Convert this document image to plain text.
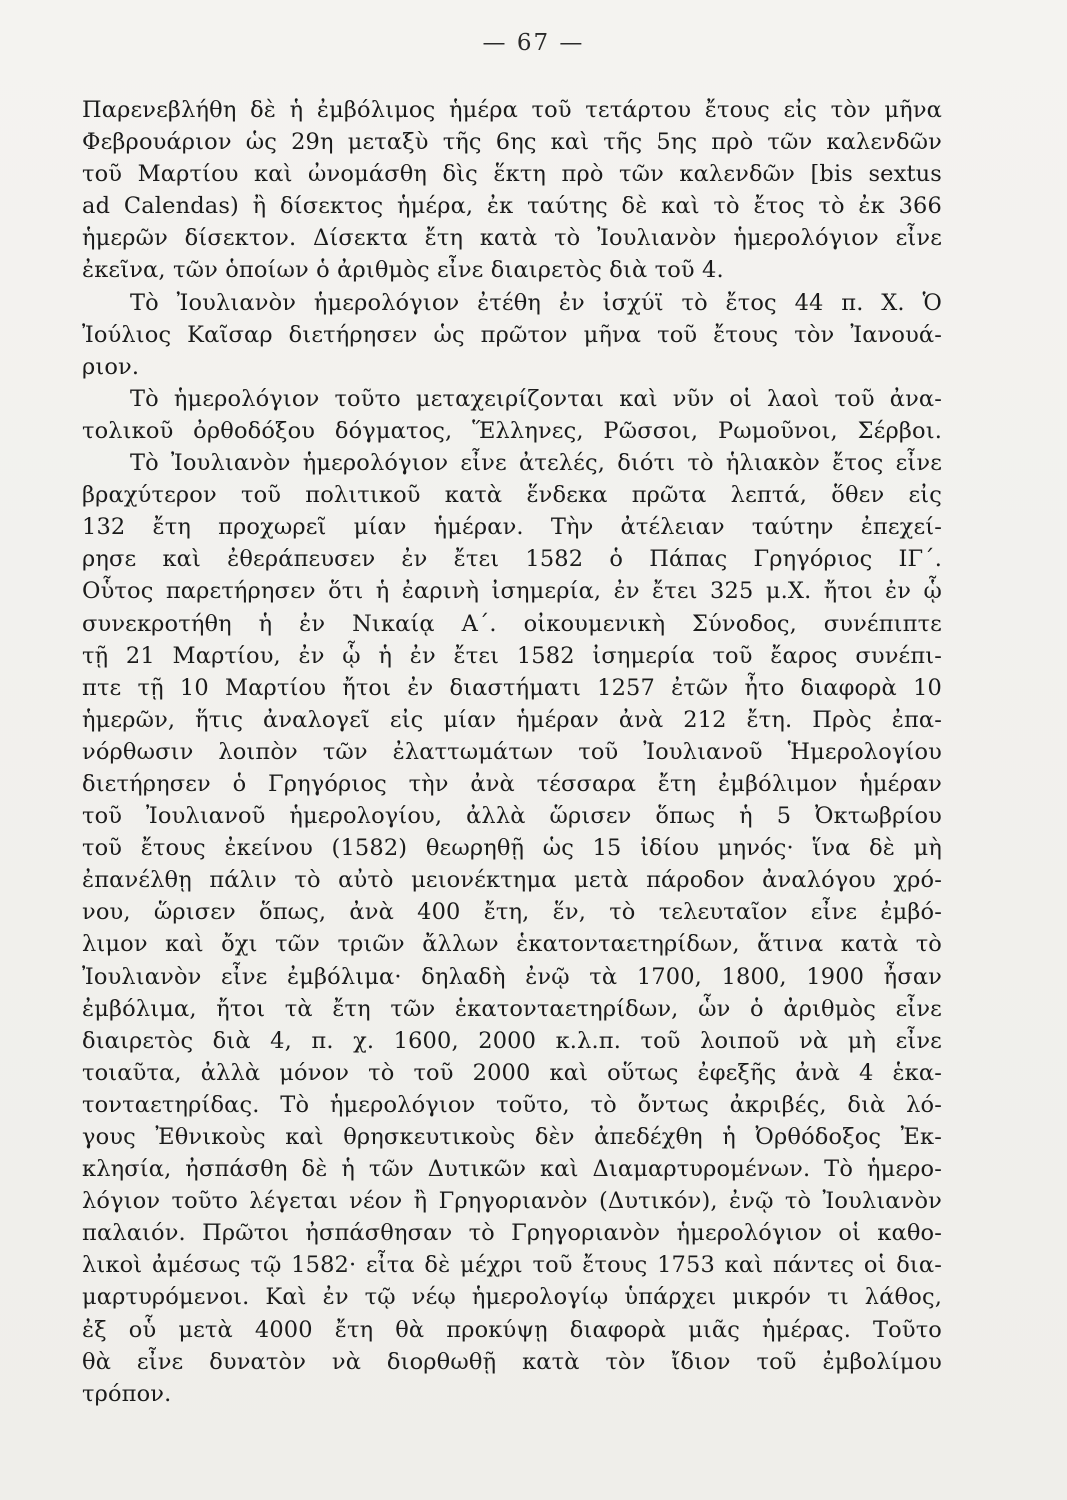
— 67 —
Παρενεβλήθη δὲ ἡ ἐμβόλιμος ἡμέρα τοῦ τετάρτου ἔτους εἰς τὸν μῆνα
Φεβρουάριον ὡς 29η μεταξὺ τῆς 6ης καὶ τῆς 5ης πρὸ τῶν καλενδῶν
τοῦ Μαρτίου καὶ ὠνομάσθη δὶς ἕκτη πρὸ τῶν καλενδῶν [bis sextus
ad Calendas) ἢ δίσεκτος ἡμέρα, ἐκ ταύτης δὲ καὶ τὸ ἔτος τὸ ἐκ 366
ἡμερῶν δίσεκτον. Δίσεκτα ἔτη κατὰ τὸ Ἰουλιανὸν ἡμερολόγιον εἶνε
ἐκεῖνα, τῶν ὁποίων ὁ ἀριθμὸς εἶνε διαιρετὸς διὰ τοῦ 4.
Τὸ Ἰουλιανὸν ἡμερολόγιον ἐτέθη ἐν ἰσχύϊ τὸ ἔτος 44 π. Χ. Ὁ
Ἰούλιος Καῖσαρ διετήρησεν ὡς πρῶτον μῆνα τοῦ ἔτους τὸν Ἰανουά-
ριον.
Τὸ ἡμερολόγιον τοῦτο μεταχειρίζονται καὶ νῦν οἱ λαοὶ τοῦ ἀνα-
τολικοῦ ὀρθοδόξου δόγματος, Ἕλληνες, Ρῶσσοι, Ρωμοῦνοι, Σέρβοι.
Τὸ Ἰουλιανὸν ἡμερολόγιον εἶνε ἀτελές, διότι τὸ ἡλιακὸν ἔτος εἶνε
βραχύτερον τοῦ πολιτικοῦ κατὰ ἕνδεκα πρῶτα λεπτά, ὅθεν εἰς
132 ἔτη προχωρεῖ μίαν ἡμέραν. Τὴν ἀτέλειαν ταύτην ἐπεχεί-
ρησε καὶ ἐθεράπευσεν ἐν ἔτει 1582 ὁ Πάπας Γρηγόριος ΙΓ΄.
Οὗτος παρετήρησεν ὅτι ἡ ἐαρινὴ ἰσημερία, ἐν ἔτει 325 μ.Χ. ἤτοι ἐν ᾧ
συνεκροτήθη ἡ ἐν Νικαίᾳ Α΄. οἰκουμενικὴ Σύνοδος, συνέπιπτε
τῇ 21 Μαρτίου, ἐν ᾧ ἡ ἐν ἔτει 1582 ἰσημερία τοῦ ἔαρος συνέπι-
πτε τῇ 10 Μαρτίου ἤτοι ἐν διαστήματι 1257 ἐτῶν ἦτο διαφορὰ 10
ἡμερῶν, ἥτις ἀναλογεῖ εἰς μίαν ἡμέραν ἀνὰ 212 ἔτη. Πρὸς ἐπα-
νόρθωσιν λοιπὸν τῶν ἐλαττωμάτων τοῦ Ἰουλιανοῦ Ἡμερολογίου
διετήρησεν ὁ Γρηγόριος τὴν ἀνὰ τέσσαρα ἔτη ἐμβόλιμον ἡμέραν
τοῦ Ἰουλιανοῦ ἡμερολογίου, ἀλλὰ ὥρισεν ὅπως ἡ 5 Ὀκτωβρίου
τοῦ ἔτους ἐκείνου (1582) θεωρηθῇ ὡς 15 ἰδίου μηνός· ἵνα δὲ μὴ
ἐπανέλθῃ πάλιν τὸ αὐτὸ μειονέκτημα μετὰ πάροδον ἀναλόγου χρό-
νου, ὥρισεν ὅπως, ἀνὰ 400 ἔτη, ἕν, τὸ τελευταῖον εἶνε ἐμβό-
λιμον καὶ ὄχι τῶν τριῶν ἄλλων ἑκατονταετηρίδων, ἅτινα κατὰ τὸ
Ἰουλιανὸν εἶνε ἐμβόλιμα· δηλαδὴ ἐνῷ τὰ 1700, 1800, 1900 ἦσαν
ἐμβόλιμα, ἤτοι τὰ ἔτη τῶν ἑκατονταετηρίδων, ὧν ὁ ἀριθμὸς εἶνε
διαιρετὸς διὰ 4, π. χ. 1600, 2000 κ.λ.π. τοῦ λοιποῦ νὰ μὴ εἶνε
τοιαῦτα, ἀλλὰ μόνον τὸ τοῦ 2000 καὶ οὕτως ἐφεξῆς ἀνὰ 4 ἑκα-
τονταετηρίδας. Τὸ ἡμερολόγιον τοῦτο, τὸ ὄντως ἀκριβές, διὰ λό-
γους Ἐθνικοὺς καὶ θρησκευτικοὺς δὲν ἀπεδέχθη ἡ Ὀρθόδοξος Ἐκ-
κλησία, ἠσπάσθη δὲ ἡ τῶν Δυτικῶν καὶ Διαμαρτυρομένων. Τὸ ἡμερο-
λόγιον τοῦτο λέγεται νέον ἢ Γρηγοριανὸν (Δυτικόν), ἐνῷ τὸ Ἰουλιανὸν
παλαιόν. Πρῶτοι ἠσπάσθησαν τὸ Γρηγοριανὸν ἡμερολόγιον οἱ καθο-
λικοὶ ἀμέσως τῷ 1582· εἶτα δὲ μέχρι τοῦ ἔτους 1753 καὶ πάντες οἱ δια-
μαρτυρόμενοι. Καὶ ἐν τῷ νέῳ ἡμερολογίῳ ὑπάρχει μικρόν τι λάθος,
ἐξ οὗ μετὰ 4000 ἔτη θὰ προκύψῃ διαφορὰ μιᾶς ἡμέρας. Τοῦτο
θὰ εἶνε δυνατὸν νὰ διορθωθῇ κατὰ τὸν ἴδιον τοῦ ἐμβολίμου
τρόπον.
